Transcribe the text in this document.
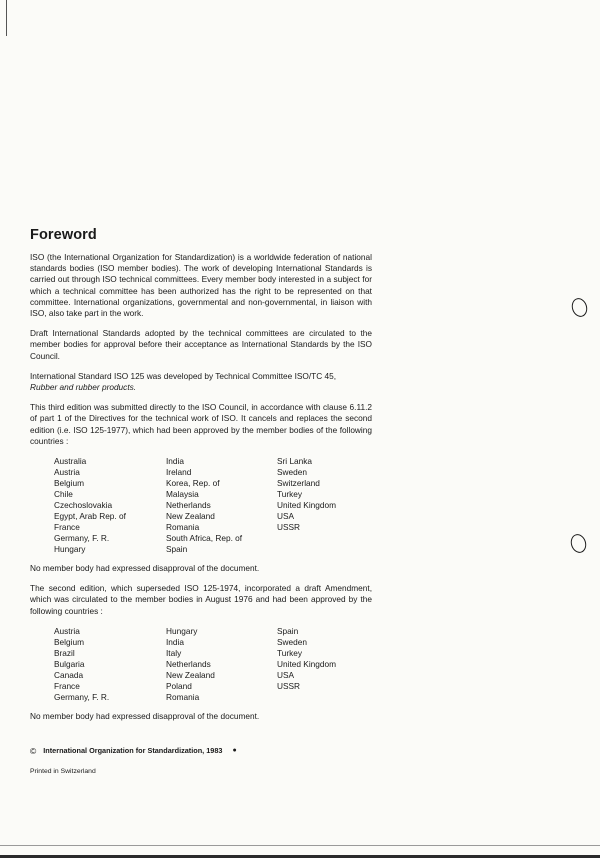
Foreword

ISO (the International Organization for Standardization) is a worldwide federation of national standards bodies (ISO member bodies). The work of developing International Standards is carried out through ISO technical committees. Every member body interested in a subject for which a technical committee has been authorized has the right to be represented on that committee. International organizations, governmental and non-governmental, in liaison with ISO, also take part in the work.

Draft International Standards adopted by the technical committees are circulated to the member bodies for approval before their acceptance as International Standards by the ISO Council.

International Standard ISO 125 was developed by Technical Committee ISO/TC 45,
Rubber and rubber products.

This third edition was submitted directly to the ISO Council, in accordance with clause 6.11.2 of part 1 of the Directives for the technical work of ISO. It cancels and replaces the second edition (i.e. ISO 125-1977), which had been approved by the member bodies of the following countries :

Australia
Austria
Belgium
Chile
Czechoslovakia
Egypt, Arab Rep. of
France
Germany, F. R.
Hungary
India
Ireland
Korea, Rep. of
Malaysia
Netherlands
New Zealand
Romania
South Africa, Rep. of
Spain
Sri Lanka
Sweden
Switzerland
Turkey
United Kingdom
USA
USSR

No member body had expressed disapproval of the document.

The second edition, which superseded ISO 125-1974, incorporated a draft Amendment, which was circulated to the member bodies in August 1976 and had been approved by the following countries :

Austria
Belgium
Brazil
Bulgaria
Canada
France
Germany, F. R.
Hungary
India
Italy
Netherlands
New Zealand
Poland
Romania
Spain
Sweden
Turkey
United Kingdom
USA
USSR

No member body had expressed disapproval of the document.

© International Organization for Standardization, 1983 ●
Printed in Switzerland
